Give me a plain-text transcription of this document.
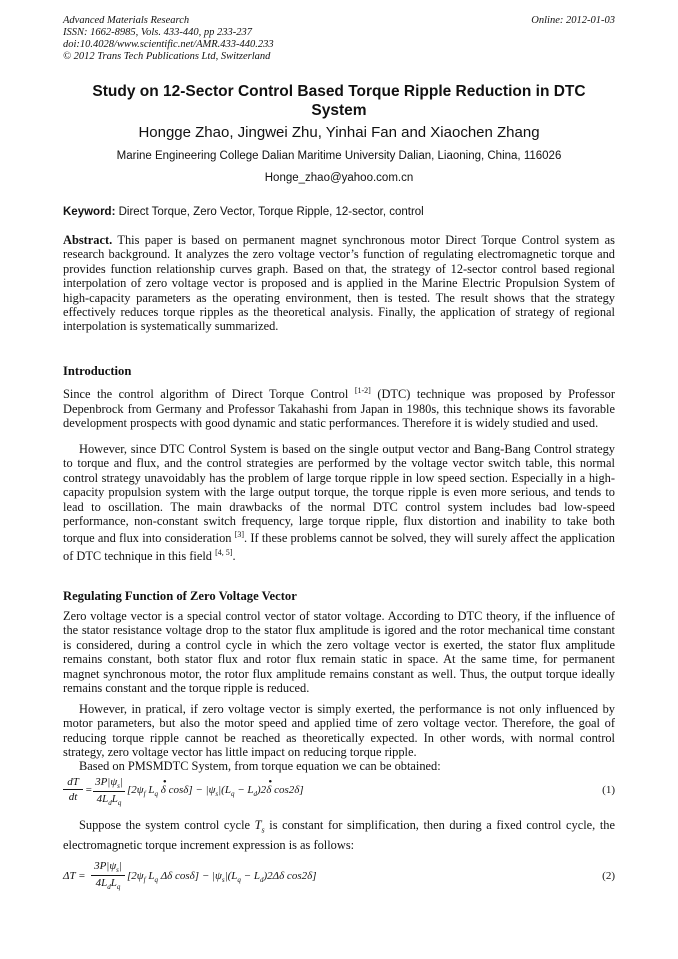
Advanced Materials Research
ISSN: 1662-8985, Vols. 433-440, pp 233-237
doi:10.4028/www.scientific.net/AMR.433-440.233
© 2012 Trans Tech Publications Ltd, Switzerland
Online: 2012-01-03
Study on 12-Sector Control Based Torque Ripple Reduction in DTC System
Hongge Zhao, Jingwei Zhu, Yinhai Fan and Xiaochen Zhang
Marine Engineering College Dalian Maritime University Dalian, Liaoning, China, 116026
Honge_zhao@yahoo.com.cn
Keyword: Direct Torque, Zero Vector, Torque Ripple, 12-sector, control

Abstract. This paper is based on permanent magnet synchronous motor Direct Torque Control system as research background. It analyzes the zero voltage vector’s function of regulating electromagnetic torque and provides function relationship curves graph. Based on that, the strategy of 12-sector control based regional interpolation of zero voltage vector is proposed and is applied in the Marine Electric Propulsion System of high-capacity parameters as the operating environment, then is tested. The result shows that the strategy effectively reduces torque ripples as the theoretical analysis. Finally, the application of strategy of regional interpolation is systematically summarized.

Introduction

Since the control algorithm of Direct Torque Control [1-2] (DTC) technique was proposed by Professor Depenbrock from Germany and Professor Takahashi from Japan in 1980s, this technique shows its favorable development prospects with good dynamic and static performances. Therefore it is widely studied and used.

However, since DTC Control System is based on the single output vector and Bang-Bang Control strategy to torque and flux, and the control strategies are performed by the voltage vector switch table, this normal control strategy unavoidably has the problem of large torque ripple in low speed section. Especially in a high-capacity propulsion system with the large output torque, the torque ripple is even more serious, and tends to lead to oscillation. The main drawbacks of the normal DTC control system includes bad low-speed performance, non-constant switch frequency, large torque ripple, flux distortion and inability to take both torque and flux into consideration [3]. If these problems cannot be solved, they will surely affect the application of DTC technique in this field [4, 5].

Regulating Function of Zero Voltage Vector

Zero voltage vector is a special control vector of stator voltage. According to DTC theory, if the influence of the stator resistance voltage drop to the stator flux amplitude is igored and the rotor mechanical time constant is considered, during a control cycle in which the zero voltage vector is exerted, the stator flux amplitude remains constant, both stator flux and rotor flux remain static in space. At the same time, for permanent magnet synchronous motor, the rotor flux amplitude remains constant as well. Thus, the output torque ideally remains constant and the torque ripple is reduced.

However, in pratical, if zero voltage vector is simply exerted, the performance is not only influenced by motor parameters, but also the motor speed and applied time of zero voltage vector. Therefore, the goal of reducing torque ripple cannot be reached as theoretically expected. In other words, with normal control strategy, zero voltage vector has little impact on reducing torque ripple.

Based on PMSMDTC System, from torque equation we can be obtained:

dT
dt
=
$3P|\psi_s|$
$4L_dL_q$
[$2\psi_f$ $L_q$
•
δ $\cos\delta] - |\psi_s|(L_q - L_d)2$
•
δ cos2δ]	(1)

Suppose the system control cycle $T_s$ is constant for simplification, then during a fixed control cycle, the electromagnetic torque increment expression is as follows:

ΔT =
$3P|\psi_s|$
$4L_dL_q$
[$2\psi_f$ $L_q$ Δδ $\cos\delta] - |\psi_s|(L_q - L_d)2\Delta\delta$ cos2δ]	(2)
